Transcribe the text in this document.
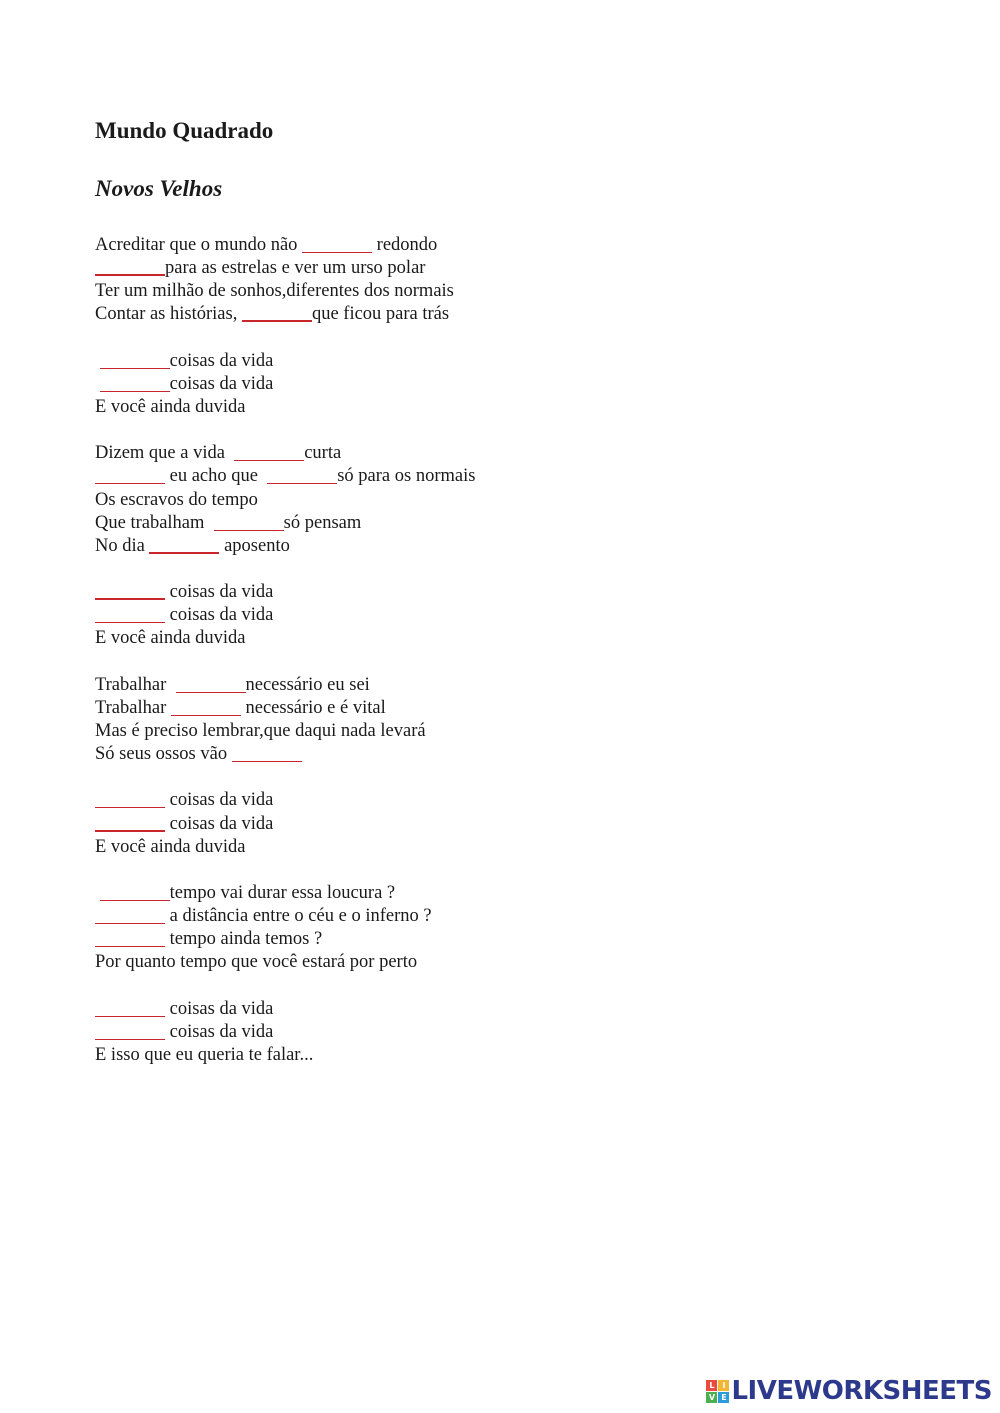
Mundo Quadrado
Novos Velhos
Acreditar que o mundo não	redondo
para as estrelas e ver um urso polar
Ter um milhão de sonhos,diferentes dos normais
Contar as histórias,	que ficou para trás
coisas da vida
coisas da vida
E você ainda duvida
Dizem que a vida	curta
eu acho que	só para os normais
Os escravos do tempo
Que trabalham	só pensam
No dia	aposento
coisas da vida
coisas da vida
E você ainda duvida
Trabalhar	necessário eu sei
Trabalhar	necessário e é vital
Mas é preciso lembrar,que daqui nada levará
Só seus ossos vão
coisas da vida
coisas da vida
E você ainda duvida
tempo vai durar essa loucura ?
a distância entre o céu e o inferno ?
tempo ainda temos ?
Por quanto tempo que você estará por perto
coisas da vida
coisas da vida
E isso que eu queria te falar...
L I
V E LIVEWORKSHEETS
